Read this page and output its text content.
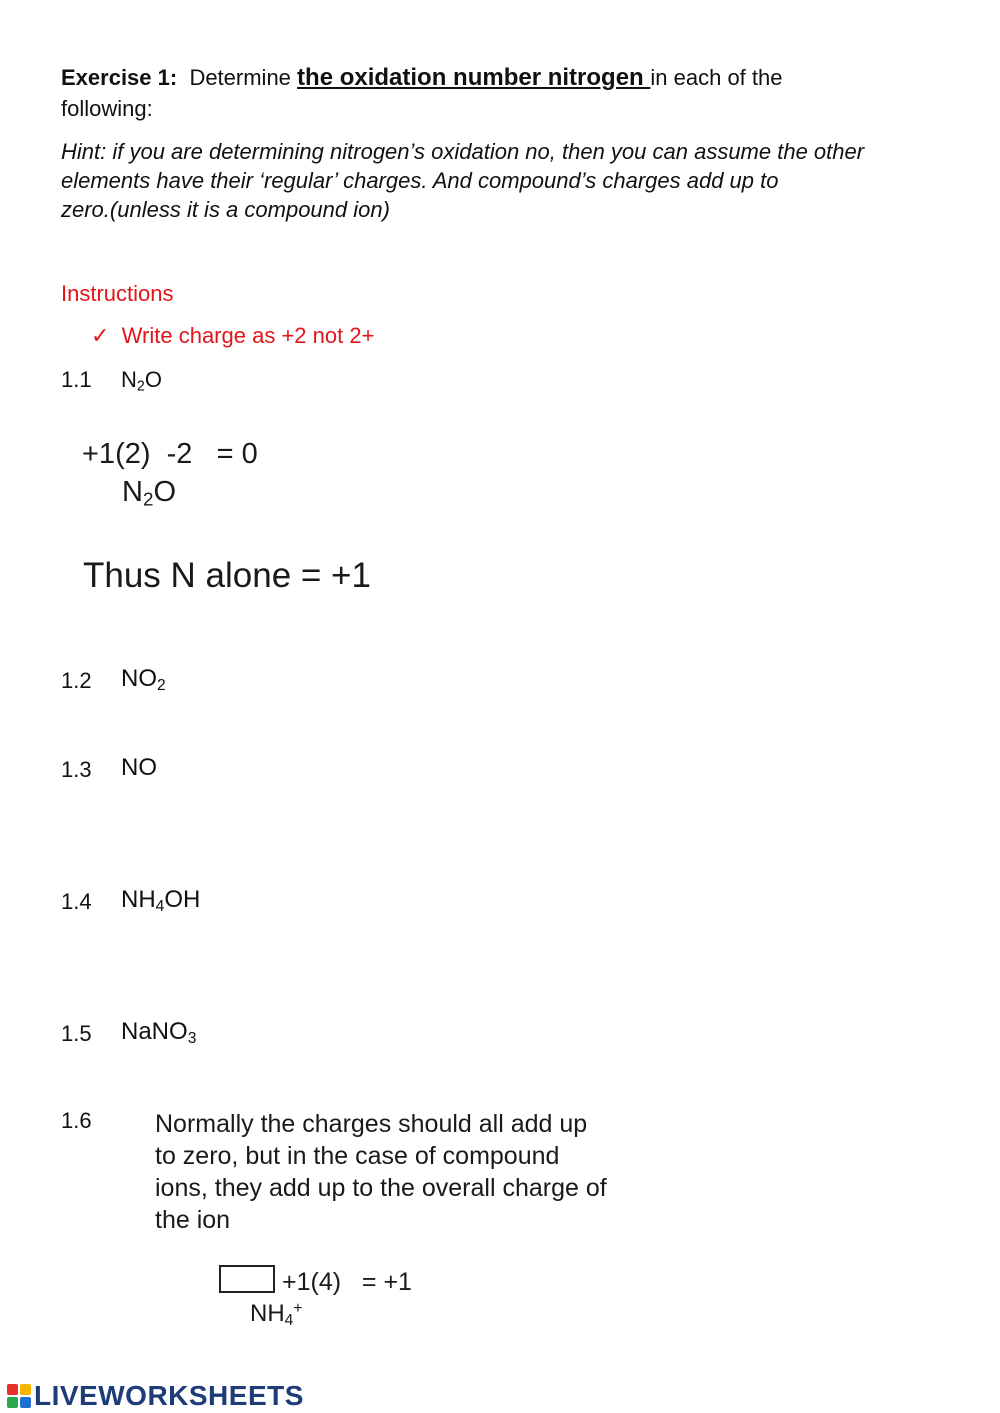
Exercise 1: Determine the oxidation number nitrogen in each of the
following:
Hint: if you are determining nitrogen’s oxidation no, then you can assume the other
elements have their ‘regular’ charges. And compound’s charges add up to
zero.(unless it is a compound ion)
Instructions
✓ Write charge as +2 not 2+
1.1 $N_2O$
+1(2)  -2   = 0
$N_2O$
Thus N alone = +1
1.2 $NO_2$
1.3 NO
1.4 $NH_4OH$
1.5 NaNO$_3$
1.6	Normally the charges should all add up
to zero, but in the case of compound
ions, they add up to the overall charge of
the ion
+1(4)   = +1
$NH_4^+$
LIVEWORKSHEETS
